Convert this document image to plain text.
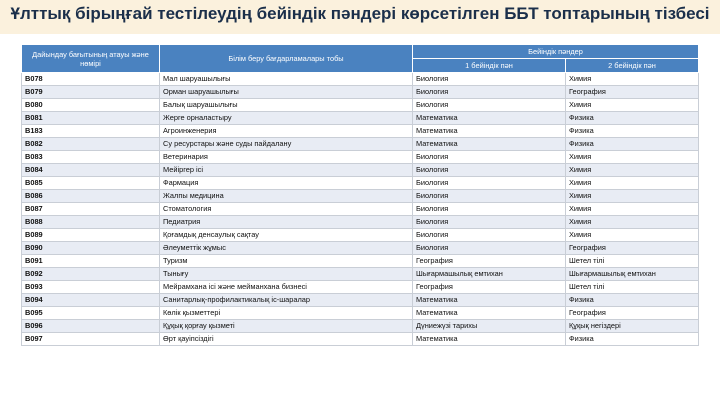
Ұлттық бірыңғай тестілеудің бейіндік пәндері көрсетілген ББТ топтарының тізбесі
Дайындау бағытының атауы және нөмірі	Білім беру бағдарламалары тобы	Бейіндік пәндер	
		1 бейіндік пән	2 бейіндік пән
B078	Мал шаруашылығы	Биология	Химия
B079	Орман шаруашылығы	Биология	География
B080	Балық шаруашылығы	Биология	Химия
B081	Жерге орналастыру	Математика	Физика
B183	Агроинженерия	Математика	Физика
B082	Су ресурстары және суды пайдалану	Математика	Физика
B083	Ветеринария	Биология	Химия
B084	Мейіргер ісі	Биология	Химия
B085	Фармация	Биология	Химия
B086	Жалпы медицина	Биология	Химия
B087	Стоматология	Биология	Химия
B088	Педиатрия	Биология	Химия
B089	Қоғамдық денсаулық сақтау	Биология	Химия
B090	Әлеуметтік жұмыс	Биология	География
B091	Туризм	География	Шетел тілі
B092	Тынығу	Шығармашылық емтихан	Шығармашылық емтихан
B093	Мейрамхана ісі және мейманхана бизнесі	География	Шетел тілі
B094	Санитарлық-профилактикалық іс-шаралар	Математика	Физика
B095	Көлік қызметтері	Математика	География
B096	Құқық қорғау қызметі	Дүниежүзі тарихы	Құқық негіздері
B097	Өрт қауіпсіздігі	Математика	Физика
